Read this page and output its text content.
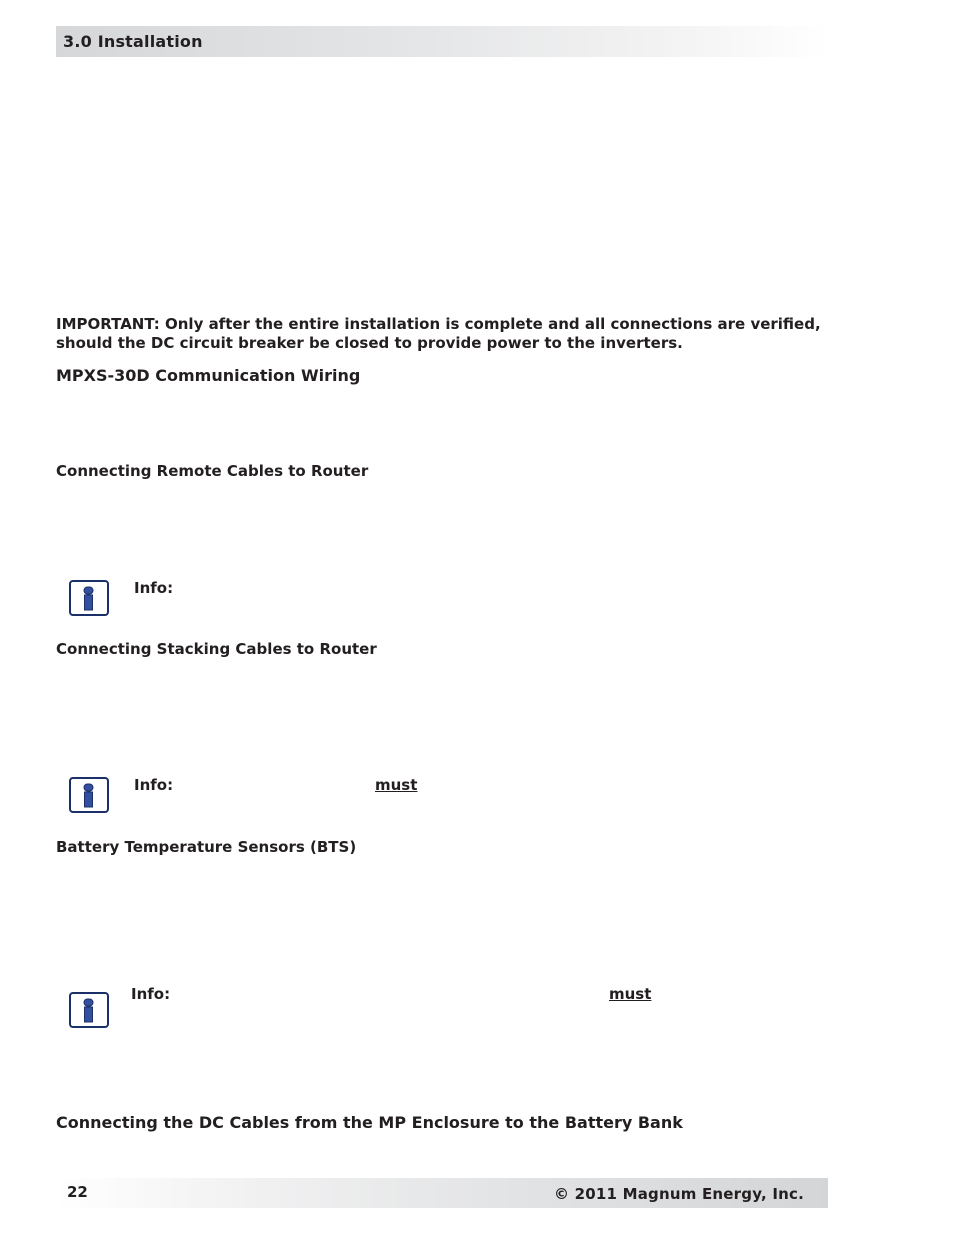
3.0 Installation
IMPORTANT: Only after the entire installation is complete and all connections are verified,
should the DC circuit breaker be closed to provide power to the inverters.
MPXS-30D Communication Wiring
Connecting Remote Cables to Router
Info:
Connecting Stacking Cables to Router
Info:	must
Battery Temperature Sensors (BTS)
Info:	must
Connecting the DC Cables from the MP Enclosure to the Battery Bank
22	© 2011 Magnum Energy, Inc.
